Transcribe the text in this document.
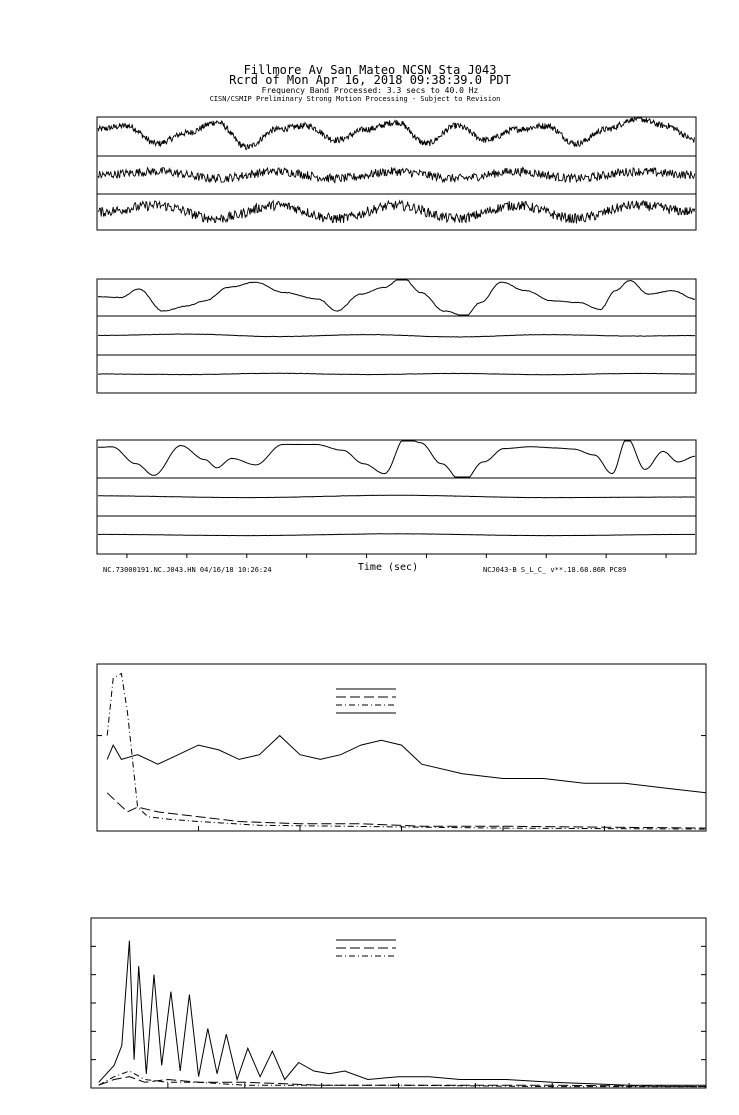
Fillmore Av San Mateo NCSN Sta J043
Rcrd of Mon Apr 16, 2018 09:38:39.0 PDT
Frequency Band Processed: 3.3 secs to 40.0 Hz
CISN/CSMIP Preliminary Strong Motion Processing - Subject to Revision
Time (sec)
NC.73000191.NC.J043.HN 04/16/18 10:26:24	NCJ043-B S_L_C_ v**.18.68.86R PC89
